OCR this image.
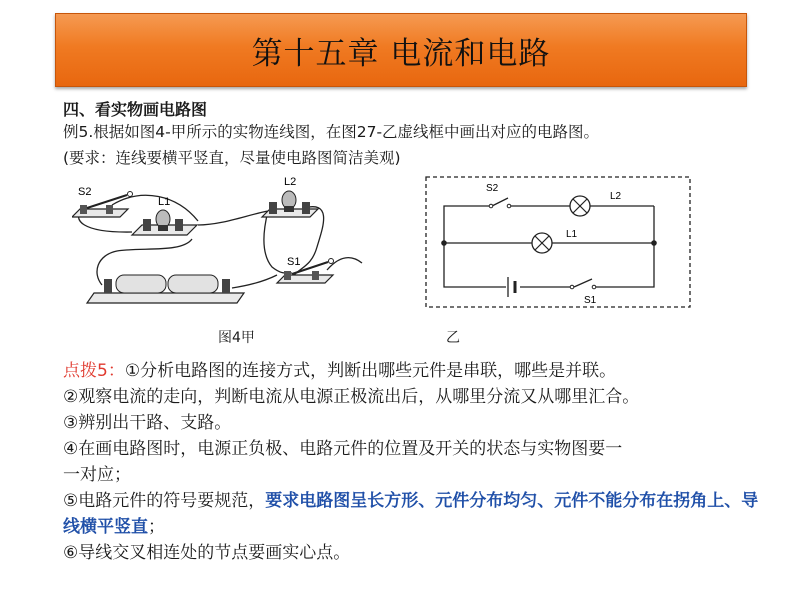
第十五章 电流和电路
四、看实物画电路图
例5.根据如图4-甲所示的实物连线图，在图27-乙虚线框中画出对应的电路图。
(要求：连线要横平竖直，尽量使电路图简洁美观)
S2
L1
L2
S1
S2
L2
L1
S1
图4甲	乙

点拨5：①分析电路图的连接方式，判断出哪些元件是串联，哪些是并联。

②观察电流的走向，判断电流从电源正极流出后，从哪里分流又从哪里汇合。

③辨别出干路、支路。

④在画电路图时，电源正负极、电路元件的位置及开关的状态与实物图要一

一对应；

⑤电路元件的符号要规范，要求电路图呈长方形、元件分布均匀、元件不能分布在拐角上、导线横平竖直；

⑥导线交叉相连处的节点要画实心点。
